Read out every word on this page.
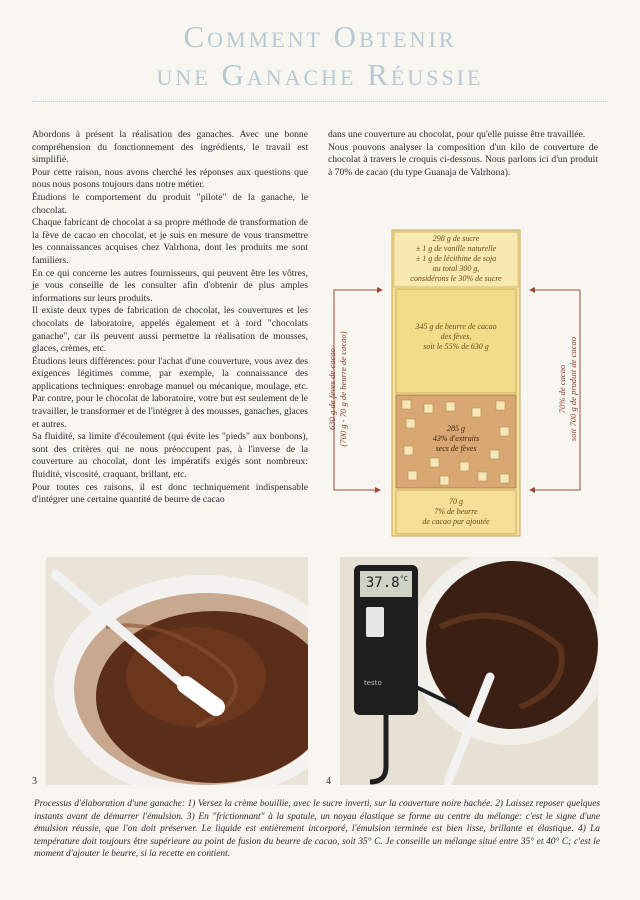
Comment Obtenir
une Ganache Réussie

Abordons à présent la réalisation des ganaches. Avec une bonne compréhension du fonctionnement des ingrédients, le travail est simplifié.

Pour cette raison, nous avons cherché les réponses aux questions que nous nous posons toujours dans notre métier.

Étudions le comportement du produit "pilote" de la ganache, le chocolat.

Chaque fabricant de chocolat a sa propre méthode de transformation de la fève de cacao en chocolat, et je suis en mesure de vous transmettre les connaissances acquises chez Valrhona, dont les produits me sont familiers.

En ce qui concerne les autres fournisseurs, qui peuvent être les vôtres, je vous conseille de les consulter afin d'obtenir de plus amples informations sur leurs produits.

Il existe deux types de fabrication de chocolat, les couvertures et les chocolats de laboratoire, appelés également et à tord "chocolats ganache", car ils peuvent aussi permettre la réalisation de mousses, glaces, crèmes, etc.

Étudions leurs différences: pour l'achat d'une couverture, vous avez des exigences légitimes comme, par exemple, la connaissance des applications techniques: enrobage manuel ou mécanique, moulage, etc. Par contre, pour le chocolat de laboratoire, votre but est seulement de le travailler, le transformer et de l'intégrer à des mousses, ganaches, glaces et autres.

Sa fluidité, sa limite d'écoulement (qui évite les "pieds" aux bonbons), sont des critères qui ne nous préoccupent pas, à l'inverse de la couverture au chocolat, dont les impératifs exigés sont nombreux: fluidité, viscosité, craquant, brillant, etc.

Pour toutes ces raisons, il est donc techniquement indispensable d'intégrer une certaine quantité de beurre de cacao

dans une couverture au chocolat, pour qu'elle puisse être travaillée.

Nous pouvons analyser la composition d'un kilo de couverture de chocolat à travers le croquis ci-dessous. Nous parlons ici d'un produit à 70% de cacao (du type Guanaja de Valrhona).

298 g de sucre
± 1 g de vanille naturelle
± 1 g de lécithine de soja
au total 300 g,
considérons le 30% de sucre
345 g de beurre de cacao
des fèves,
soit le 55% de 630 g
285 g
43% d'extraits
secs de fèves
70 g
7% de beurre
de cacao pur ajoutée
630 g de fèves de cacao (700 g - 70 g de beurre de cacao)	70% de cacao soit 700 g de produit de cacao
3
$37.8^{^\circ C}$
testo
4
Processus d'élaboration d'une ganache: 1) Versez la crème bouillie, avec le sucre inverti, sur la couverture noire hachée. 2) Laissez reposer quelques instants avant de démarrer l'émulsion. 3) En "frictionnant" à la spatule, un noyau élastique se forme au centre du mélange: c'est le signe d'une émulsion réussie, que l'on doit préserver. Le liquide est entièrement incorporé, l'émulsion terminée est bien lisse, brillante et élastique. 4) La température doit toujours être supérieure au point de fusion du beurre de cacao, soit 35° C. Je conseille un mélange situé entre 35° et 40° C; c'est le moment d'ajouter le beurre, si la recette en contient.
